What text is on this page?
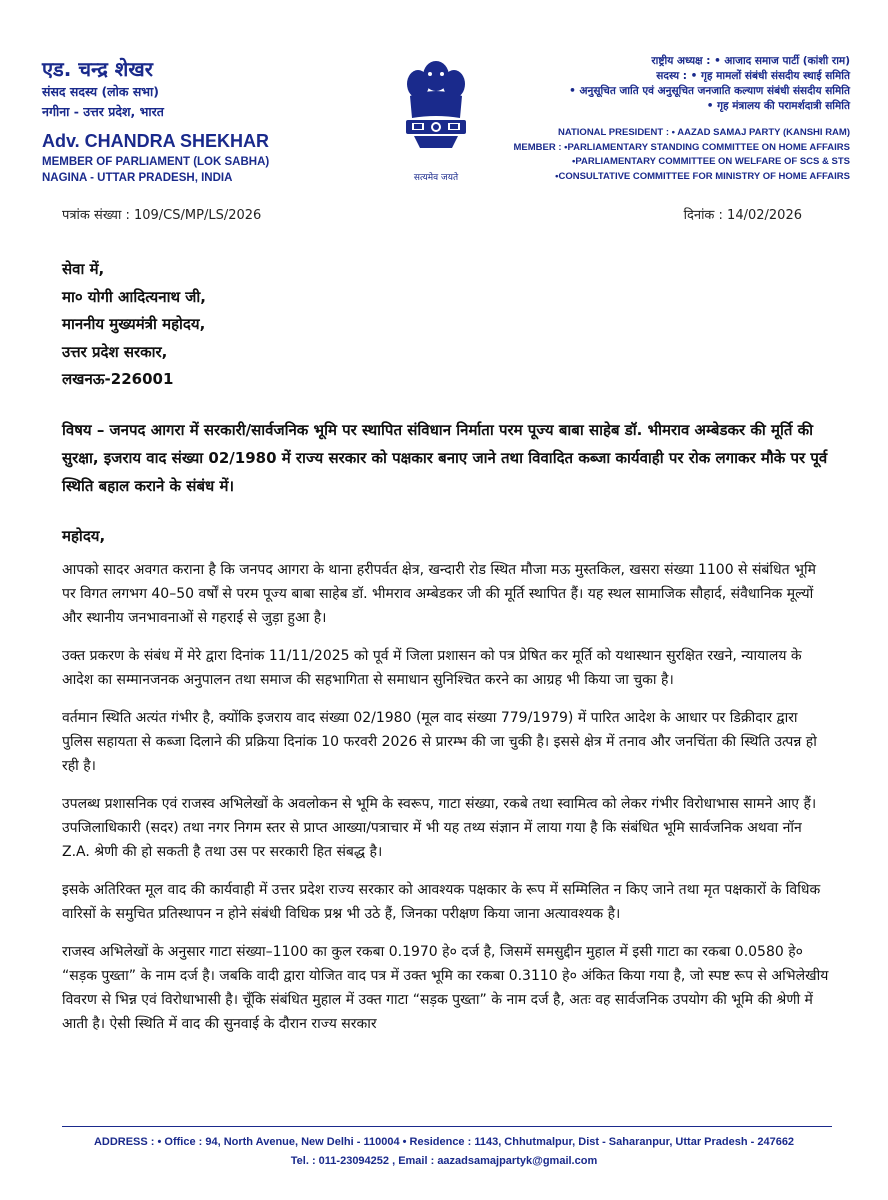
एड. चन्द्र शेखर
संसद सदस्य (लोक सभा)
नगीना - उत्तर प्रदेश, भारत
Adv. CHANDRA SHEKHAR
MEMBER OF PARLIAMENT (LOK SABHA)
NAGINA - UTTAR PRADESH, INDIA	सत्यमेव जयते
राष्ट्रीय अध्यक्ष : • आजाद समाज पार्टी (कांशी राम)
सदस्य : • गृह मामलों संबंधी संसदीय स्थाई समिति
• अनुसूचित जाति एवं अनुसूचित जनजाति कल्याण संबंधी संसदीय समिति
• गृह मंत्रालय की परामर्शदात्री समिति
NATIONAL PRESIDENT : • AAZAD SAMAJ PARTY (KANSHI RAM)
MEMBER : •PARLIAMENTARY STANDING COMMITTEE ON HOME AFFAIRS
•PARLIAMENTARY COMMITTEE ON WELFARE OF SCS & STS
•CONSULTATIVE COMMITTEE FOR MINISTRY OF HOME AFFAIRS
पत्रांक संख्या : 109/CS/MP/LS/2026	दिनांक : 14/02/2026
सेवा में,
मा० योगी आदित्यनाथ जी,
माननीय मुख्यमंत्री महोदय,
उत्तर प्रदेश सरकार,
लखनऊ-226001
विषय – जनपद आगरा में सरकारी/सार्वजनिक भूमि पर स्थापित संविधान निर्माता परम पूज्य बाबा साहेब डॉ. भीमराव अम्बेडकर की मूर्ति की सुरक्षा, इजराय वाद संख्या 02/1980 में राज्य सरकार को पक्षकार बनाए जाने तथा विवादित कब्जा कार्यवाही पर रोक लगाकर मौके पर पूर्व स्थिति बहाल कराने के संबंध में।
महोदय,

आपको सादर अवगत कराना है कि जनपद आगरा के थाना हरीपर्वत क्षेत्र, खन्दारी रोड स्थित मौजा मऊ मुस्तकिल, खसरा संख्या 1100 से संबंधित भूमि पर विगत लगभग 40–50 वर्षों से परम पूज्य बाबा साहेब डॉ. भीमराव अम्बेडकर जी की मूर्ति स्थापित हैं। यह स्थल सामाजिक सौहार्द, संवैधानिक मूल्यों और स्थानीय जनभावनाओं से गहराई से जुड़ा हुआ है।

उक्त प्रकरण के संबंध में मेरे द्वारा दिनांक 11/11/2025 को पूर्व में जिला प्रशासन को पत्र प्रेषित कर मूर्ति को यथास्थान सुरक्षित रखने, न्यायालय के आदेश का सम्मानजनक अनुपालन तथा समाज की सहभागिता से समाधान सुनिश्चित करने का आग्रह भी किया जा चुका है।

वर्तमान स्थिति अत्यंत गंभीर है, क्योंकि इजराय वाद संख्या 02/1980 (मूल वाद संख्या 779/1979) में पारित आदेश के आधार पर डिक्रीदार द्वारा पुलिस सहायता से कब्जा दिलाने की प्रक्रिया दिनांक 10 फरवरी 2026 से प्रारम्भ की जा चुकी है। इससे क्षेत्र में तनाव और जनचिंता की स्थिति उत्पन्न हो रही है।

उपलब्ध प्रशासनिक एवं राजस्व अभिलेखों के अवलोकन से भूमि के स्वरूप, गाटा संख्या, रकबे तथा स्वामित्व को लेकर गंभीर विरोधाभास सामने आए हैं।उपजिलाधिकारी (सदर) तथा नगर निगम स्तर से प्राप्त आख्या/पत्राचार में भी यह तथ्य संज्ञान में लाया गया है कि संबंधित भूमि सार्वजनिक अथवा नॉन Z.A. श्रेणी की हो सकती है तथा उस पर सरकारी हित संबद्ध है।

इसके अतिरिक्त मूल वाद की कार्यवाही में उत्तर प्रदेश राज्य सरकार को आवश्यक पक्षकार के रूप में सम्मिलित न किए जाने तथा मृत पक्षकारों के विधिक वारिसों के समुचित प्रतिस्थापन न होने संबंधी विधिक प्रश्न भी उठे हैं, जिनका परीक्षण किया जाना अत्यावश्यक है।

राजस्व अभिलेखों के अनुसार गाटा संख्या–1100 का कुल रकबा 0.1970 हे० दर्ज है, जिसमें समसुद्दीन मुहाल में इसी गाटा का रकबा 0.0580 हे० “सड़क पुख्ता” के नाम दर्ज है। जबकि वादी द्वारा योजित वाद पत्र में उक्त भूमि का रकबा 0.3110 हे० अंकित किया गया है, जो स्पष्ट रूप से अभिलेखीय विवरण से भिन्न एवं विरोधाभासी है। चूँकि संबंधित मुहाल में उक्त गाटा “सड़क पुख्ता” के नाम दर्ज है, अतः वह सार्वजनिक उपयोग की भूमि की श्रेणी में आती है। ऐसी स्थिति में वाद की सुनवाई के दौरान राज्य सरकार

ADDRESS : • Office : 94, North Avenue, New Delhi - 110004 • Residence : 1143, Chhutmalpur, Dist - Saharanpur, Uttar Pradesh - 247662
Tel. : 011-23094252 , Email : aazadsamajpartyk@gmail.com
